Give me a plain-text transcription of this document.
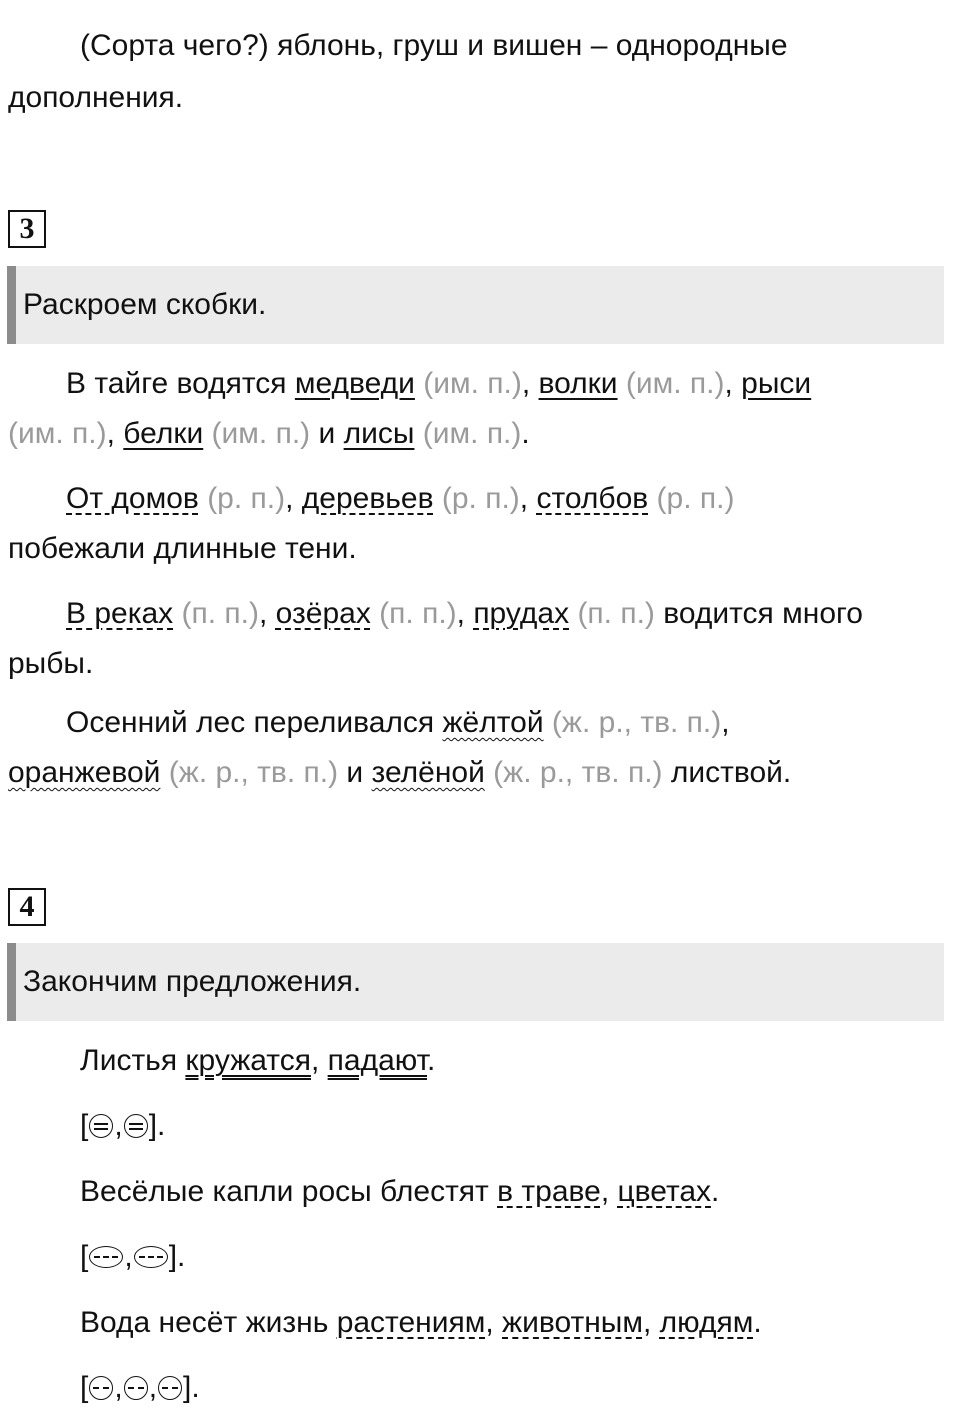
(Сорта чего?) яблонь, груш и вишен – однородные
дополнения.
3
Раскроем скобки.
В тайге водятся медведи (им. п.), волки (им. п.), рыси
(им. п.), белки (им. п.) и лисы (им. п.).
От домов (р. п.), деревьев (р. п.), столбов (р. п.)
побежали длинные тени.
В реках (п. п.), озёрах (п. п.), прудах (п. п.) водится много
рыбы.
Осенний лес переливался жёлтой (ж. р., тв. п.),
оранжевой (ж. р., тв. п.) и зелёной (ж. р., тв. п.) листвой.
4
Закончим предложения.
Листья кружатся, падают.
[ , ].
Весёлые капли росы блестят в траве, цветах.
[ , ].
Вода несёт жизнь растениям, животным, людям.
[ , , ].
